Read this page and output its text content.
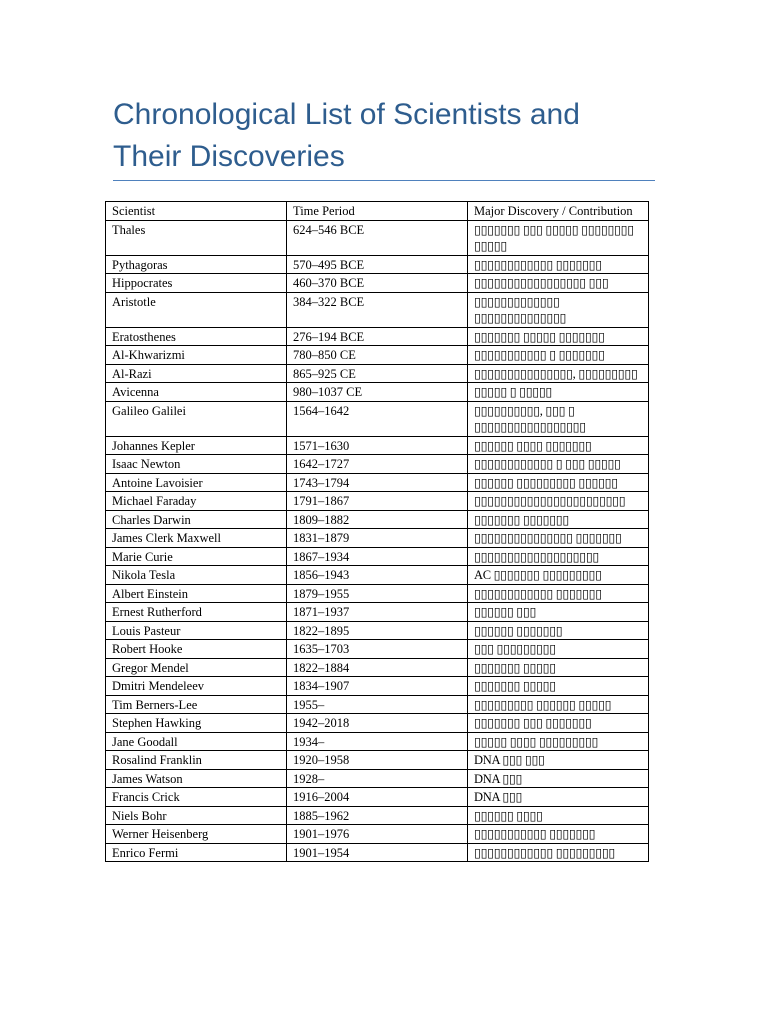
Chronological List of Scientists and
Their Discoveries
Scientist	Time Period	Major Discovery / Contribution
Thales	624–546 BCE	▯▯▯▯▯▯▯ ▯▯▯ ▯▯▯▯▯ ▯▯▯▯▯▯▯▯ ▯▯▯▯▯
Pythagoras	570–495 BCE	▯▯▯▯▯▯▯▯▯▯▯▯ ▯▯▯▯▯▯▯
Hippocrates	460–370 BCE	▯▯▯▯▯▯▯▯▯▯▯▯▯▯▯▯▯ ▯▯▯
Aristotle	384–322 BCE	▯▯▯▯▯▯▯▯▯▯▯▯▯ ▯▯▯▯▯▯▯▯▯▯▯▯▯▯
Eratosthenes	276–194 BCE	▯▯▯▯▯▯▯ ▯▯▯▯▯ ▯▯▯▯▯▯▯
Al-Khwarizmi	780–850 CE	▯▯▯▯▯▯▯▯▯▯▯ ▯ ▯▯▯▯▯▯▯
Al-Razi	865–925 CE	▯▯▯▯▯▯▯▯▯▯▯▯▯▯▯, ▯▯▯▯▯▯▯▯▯
Avicenna	980–1037 CE	▯▯▯▯▯ ▯ ▯▯▯▯▯
Galileo Galilei	1564–1642	▯▯▯▯▯▯▯▯▯▯, ▯▯▯ ▯ ▯▯▯▯▯▯▯▯▯▯▯▯▯▯▯▯▯
Johannes Kepler	1571–1630	▯▯▯▯▯▯ ▯▯▯▯ ▯▯▯▯▯▯▯
Isaac Newton	1642–1727	▯▯▯▯▯▯▯▯▯▯▯▯ ▯ ▯▯▯ ▯▯▯▯▯
Antoine Lavoisier	1743–1794	▯▯▯▯▯▯ ▯▯▯▯▯▯▯▯▯ ▯▯▯▯▯▯
Michael Faraday	1791–1867	▯▯▯▯▯▯▯▯▯▯▯▯▯▯▯▯▯▯▯▯▯▯▯
Charles Darwin	1809–1882	▯▯▯▯▯▯▯ ▯▯▯▯▯▯▯
James Clerk Maxwell	1831–1879	▯▯▯▯▯▯▯▯▯▯▯▯▯▯▯ ▯▯▯▯▯▯▯
Marie Curie	1867–1934	▯▯▯▯▯▯▯▯▯▯▯▯▯▯▯▯▯▯▯
Nikola Tesla	1856–1943	AC ▯▯▯▯▯▯▯ ▯▯▯▯▯▯▯▯▯
Albert Einstein	1879–1955	▯▯▯▯▯▯▯▯▯▯▯▯ ▯▯▯▯▯▯▯
Ernest Rutherford	1871–1937	▯▯▯▯▯▯ ▯▯▯
Louis Pasteur	1822–1895	▯▯▯▯▯▯ ▯▯▯▯▯▯▯
Robert Hooke	1635–1703	▯▯▯ ▯▯▯▯▯▯▯▯▯
Gregor Mendel	1822–1884	▯▯▯▯▯▯▯ ▯▯▯▯▯
Dmitri Mendeleev	1834–1907	▯▯▯▯▯▯▯ ▯▯▯▯▯
Tim Berners-Lee	1955–	▯▯▯▯▯▯▯▯▯ ▯▯▯▯▯▯ ▯▯▯▯▯
Stephen Hawking	1942–2018	▯▯▯▯▯▯▯ ▯▯▯ ▯▯▯▯▯▯▯
Jane Goodall	1934–	▯▯▯▯▯ ▯▯▯▯ ▯▯▯▯▯▯▯▯▯
Rosalind Franklin	1920–1958	DNA ▯▯▯ ▯▯▯
James Watson	1928–	DNA ▯▯▯
Francis Crick	1916–2004	DNA ▯▯▯
Niels Bohr	1885–1962	▯▯▯▯▯▯ ▯▯▯▯
Werner Heisenberg	1901–1976	▯▯▯▯▯▯▯▯▯▯▯ ▯▯▯▯▯▯▯
Enrico Fermi	1901–1954	▯▯▯▯▯▯▯▯▯▯▯▯ ▯▯▯▯▯▯▯▯▯
